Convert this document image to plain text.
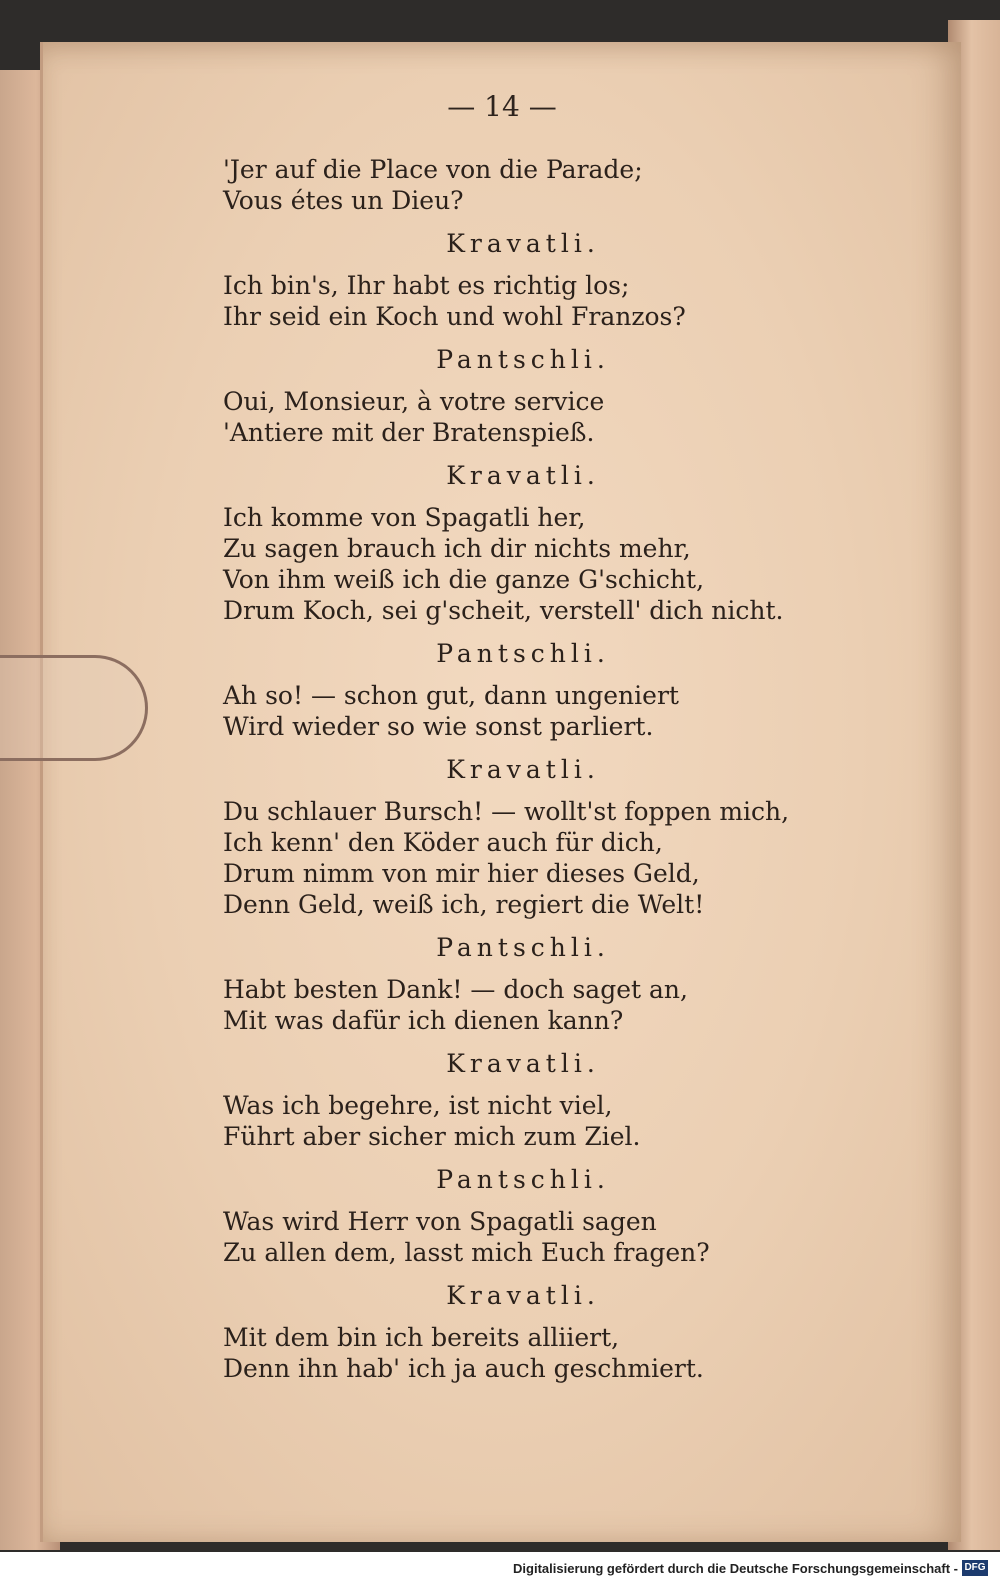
— 14 —
'Jer auf die Place von die Parade;
Vous étes un Dieu?
Kravatli.
Ich bin's, Ihr habt es richtig los;
Ihr seid ein Koch und wohl Franzos?
Pantschli.
Oui, Monsieur, à votre service
'Antiere mit der Bratenspieß.
Kravatli.
Ich komme von Spagatli her,
Zu sagen brauch ich dir nichts mehr,
Von ihm weiß ich die ganze G'schicht,
Drum Koch, sei g'scheit, verstell' dich nicht.
Pantschli.
Ah so! — schon gut, dann ungeniert
Wird wieder so wie sonst parliert.
Kravatli.
Du schlauer Bursch! — wollt'st foppen mich,
Ich kenn' den Köder auch für dich,
Drum nimm von mir hier dieses Geld,
Denn Geld, weiß ich, regiert die Welt!
Pantschli.
Habt besten Dank! — doch saget an,
Mit was dafür ich dienen kann?
Kravatli.
Was ich begehre, ist nicht viel,
Führt aber sicher mich zum Ziel.
Pantschli.
Was wird Herr von Spagatli sagen
Zu allen dem, lasst mich Euch fragen?
Kravatli.
Mit dem bin ich bereits alliiert,
Denn ihn hab' ich ja auch geschmiert.
Digitalisierung gefördert durch die Deutsche Forschungsgemeinschaft - DFG
